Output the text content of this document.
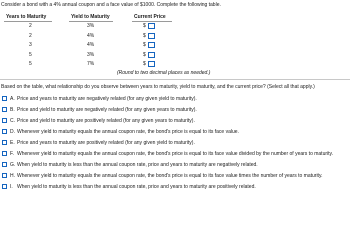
Consider a bond with a 4% annual coupon and a face value of $1000. Complete the following table.
Years to Maturity	Yield to Maturity	Current Price
2	3%	$
2	4%	$
3	4%	$
5	3%	$
5	7%	$
(Round to two decimal places as needed.)
Based on the table, what relationship do you observe between years to maturity, yield to maturity, and the current price? (Select all that apply.)
A. Price and years to maturity are negatively related (for any given yield to maturity).
B. Price and yield to maturity are negatively related (for any given years to maturity).
C. Price and yield to maturity are positively related (for any given years to maturity).
D. Whenever yield to maturity equals the annual coupon rate, the bond's price is equal to its face value.
E. Price and years to maturity are positively related (for any given yield to maturity).
F. Whenever yield to maturity equals the annual coupon rate, the bond's price is equal to its face value divided by the number of years to maturity.
G. When yield to maturity is less than the annual coupon rate, price and years to maturity are negatively related.
H. Whenever yield to maturity equals the annual coupon rate, the bond's price is equal to its face value times the number of years to maturity.
I. When yield to maturity is less than the annual coupon rate, price and years to maturity are positively related.
